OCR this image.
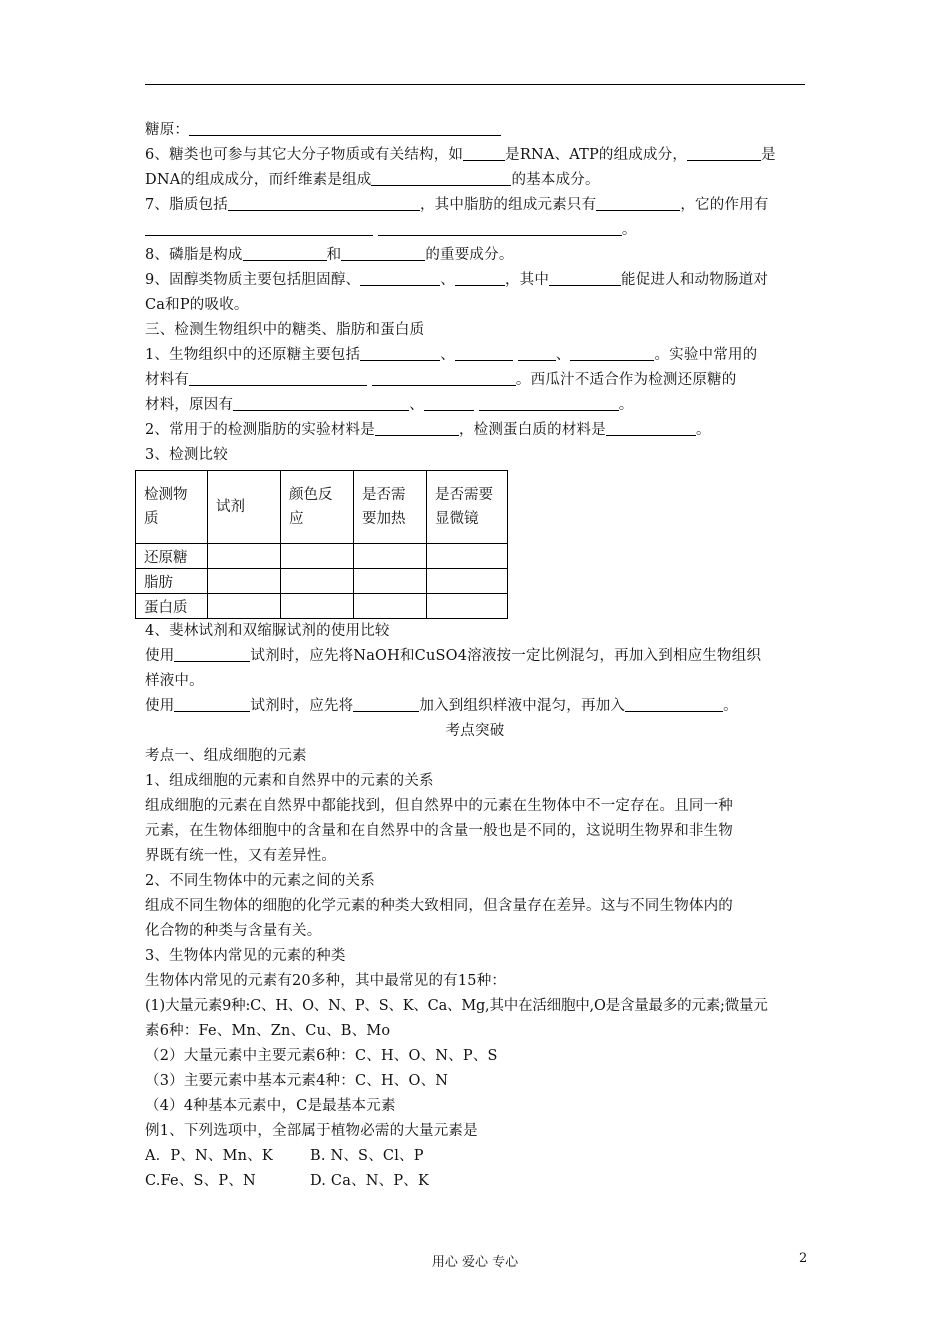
糖原：
6、糖类也可参与其它大分子物质或有关结构，如	是RNA、ATP的组成成分，	是
DNA的组成成分，而纤维素是组成	的基本成分。
7、脂质包括	，其中脂肪的组成元素只有	，它的作用有
。
8、磷脂是构成	和	的重要成分。
9、固醇类物质主要包括胆固醇、	、	，其中	能促进人和动物肠道对
Ca和P的吸收。
三、检测生物组织中的糖类、脂肪和蛋白质
1、生物组织中的还原糖主要包括	、	、	。实验中常用的
材料有	。西瓜汁不适合作为检测还原糖的
材料，原因有	、	。
2、常用于的检测脂肪的实验材料是	，检测蛋白质的材料是	。
3、检测比较
检测物质	试剂	颜色反应	是否需要加热	是否需要显微镜
还原糖				
脂肪				
蛋白质				
4、斐林试剂和双缩脲试剂的使用比较
使用	试剂时，应先将NaOH和CuSO4溶液按一定比例混匀，再加入到相应生物组织
样液中。
使用	试剂时，应先将	加入到组织样液中混匀，再加入	。
考点突破
考点一、组成细胞的元素
1、组成细胞的元素和自然界中的元素的关系
组成细胞的元素在自然界中都能找到，但自然界中的元素在生物体中不一定存在。且同一种
元素，在生物体细胞中的含量和在自然界中的含量一般也是不同的，这说明生物界和非生物
界既有统一性，又有差异性。
2、不同生物体中的元素之间的关系
组成不同生物体的细胞的化学元素的种类大致相同，但含量存在差异。这与不同生物体内的
化合物的种类与含量有关。
3、生物体内常见的元素的种类
生物体内常见的元素有20多种，其中最常见的有15种：
(1)大量元素9种:C、H、O、N、P、S、K、Ca、Mg,其中在活细胞中,O是含量最多的元素;微量元
素6种：Fe、Mn、Zn、Cu、B、Mo
（2）大量元素中主要元素6种：C、H、O、N、P、S
（3）主要元素中基本元素4种：C、H、O、N
（4）4种基本元素中，C是最基本元素
例1、下列选项中，全部属于植物必需的大量元素是
A．P、N、Mn、K	B. N、S、Cl、P
C.Fe、S、P、N	D. Ca、N、P、K
用心 爱心 专心	2
